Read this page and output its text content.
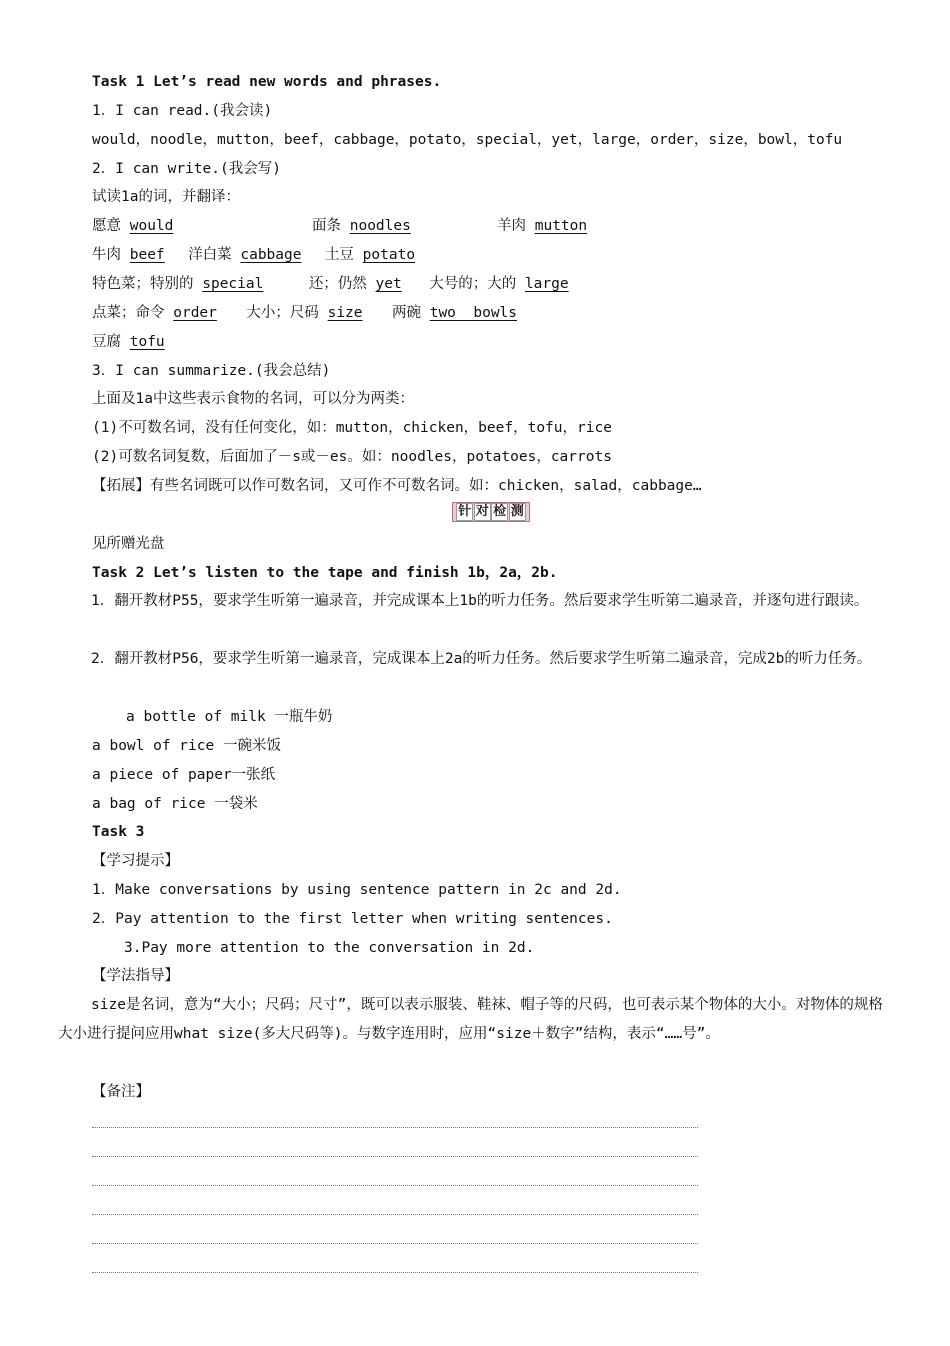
Task 1 Let’s read new words and phrases.
1．I can read.(我会读)
would，noodle，mutton，beef，cabbage，potato，special，yet，large，order，size，bowl，tofu
2．I can write.(我会写)
试读1a的词，并翻译：
愿意 would	面条 noodles	羊肉 mutton
牛肉 beef 洋白菜 cabbage 土豆 potato
特色菜；特别的 special	还；仍然 yet 大号的；大的 large
点菜；命令 order 大小；尺码 size 两碗 two  bowls
豆腐 tofu
3．I can summarize.(我会总结)
上面及1a中这些表示食物的名词，可以分为两类：
(1)不可数名词，没有任何变化，如：mutton，chicken，beef，tofu，rice
(2)可数名词复数，后面加了－s或－es。如：noodles，potatoes，carrots
【拓展】有些名词既可以作可数名词，又可作不可数名词。如：chicken，salad，cabbage…
针 对 检 测
见所赠光盘
Task 2 Let’s listen to the tape and finish 1b，2a，2b.
1．翻开教材P55，要求学生听第一遍录音，并完成课本上1b的听力任务。然后要求学生听第二遍录音，并逐句进行跟读。
2．翻开教材P56，要求学生听第一遍录音，完成课本上2a的听力任务。然后要求学生听第二遍录音，完成2b的听力任务。
a bottle of milk 一瓶牛奶
a bowl of rice 一碗米饭
a piece of paper一张纸
a bag of rice 一袋米
Task 3
【学习提示】
1．Make conversations by using sentence pattern in 2c and 2d.
2．Pay attention to the first letter when writing sentences.
3.Pay more attention to the conversation in 2d.
【学法指导】
size是名词，意为“大小；尺码；尺寸”，既可以表示服装、鞋袜、帽子等的尺码，也可表示某个物体的大小。对物体的规格大小进行提问应用what size(多大尺码等)。与数字连用时，应用“size＋数字”结构，表示“……号”。
【备注】
